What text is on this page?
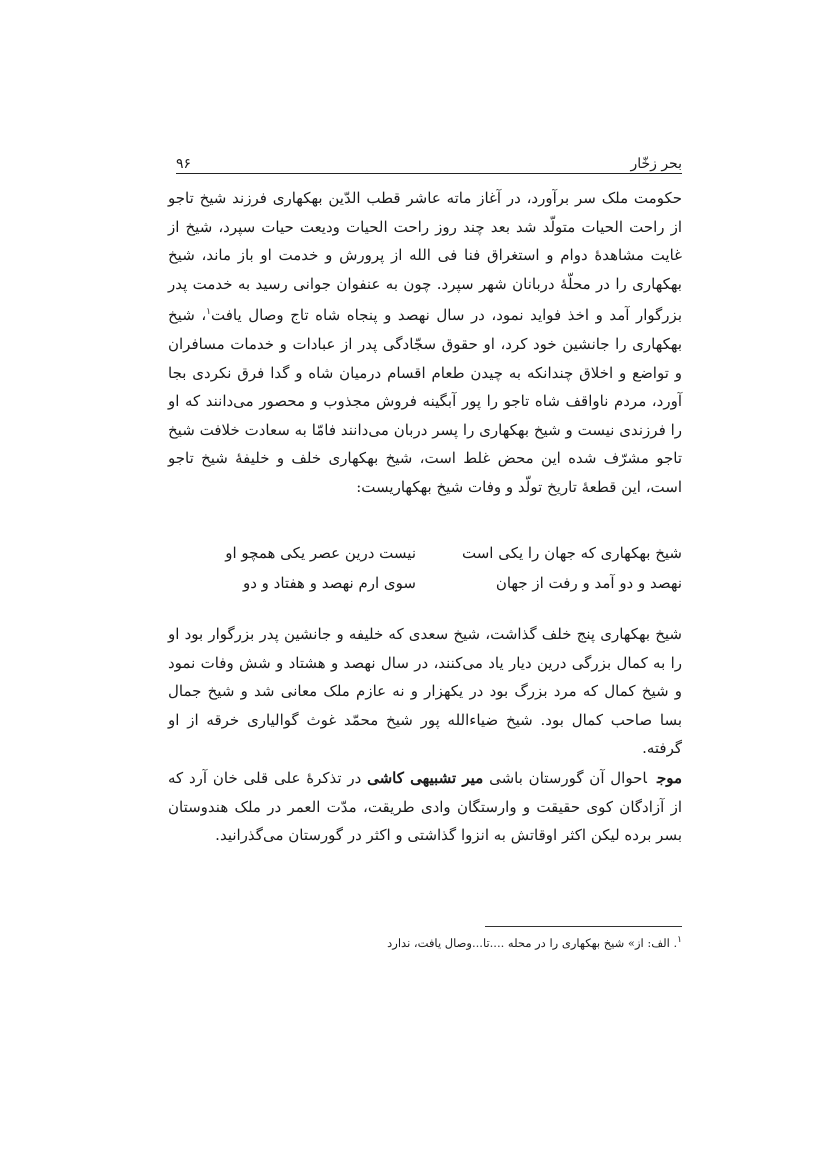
بحر زخّار
۹۶

حکومت ملک سر برآورد، در آغاز ماته عاشر قطب الدّین بهکهاری فرزند شیخ تاجو از راحت الحیات متولّد شد بعد چند روز راحت الحیات ودیعت حیات سپرد، شیخ از غایت مشاهدهٔ دوام و استغراق فنا فی الله از پرورش و خدمت او باز ماند، شیخ بهکهاری را در محلّهٔ دربانان شهر سپرد. چون به عنفوان جوانی رسید به خدمت پدر بزرگوار آمد و اخذ فواید نمود، در سال نهصد و پنجاه شاه تاج وصال یافت$^۱$، شیخ بهکهاری را جانشین خود کرد، او حقوق سجّادگی پدر از عبادات و خدمات مسافران و تواضع و اخلاق چندانکه به چیدن طعام اقسام درمیان شاه و گدا فرق نکردی بجا آورد، مردم ناواقف شاه تاجو را پور آبگینه فروش مجذوب و محصور می‌دانند که او را فرزندی نیست و شیخ بهکهاری را پسر دربان می‌دانند فامّا به سعادت خلافت شیخ تاجو مشرّف شده این محض غلط است، شیخ بهکهاری خلف و خلیفهٔ شیخ تاجو است، این قطعهٔ تاریخ تولّد و وفات شیخ بهکهاریست:

شیخ بهکهاری که جهان را یکی است
نیست درین عصر یکی همچو او
نهصد و دو آمد و رفت از جهان
سوی ارم نهصد و هفتاد و دو

شیخ بهکهاری پنج خلف گذاشت، شیخ سعدی که خلیفه و جانشین پدر بزرگوار بود او را به کمال بزرگی درین دیار یاد می‌کنند، در سال نهصد و هشتاد و شش وفات نمود و شیخ کمال که مرد بزرگ بود در یکهزار و نه عازم ملک معانی شد و شیخ جمال بسا صاحب کمال بود. شیخ ضیاءالله پور شیخ محمّد غوث گوالیاری خرقه از او گرفته.

موجاحوال آن گورستان باشی میر تشبیهی کاشی در تذکرهٔ علی قلی خان آرد که از آزادگان کوی حقیقت و وارستگان وادی طریقت، مدّت العمر در ملک هندوستان بسر برده لیکن اکثر اوقاتش به انزوا گذاشتی و اکثر در گورستان می‌گذرانید.

$^۱$. الف: از» شیخ بهکهاری را در محله ....تا...وصال یافت، ندارد
